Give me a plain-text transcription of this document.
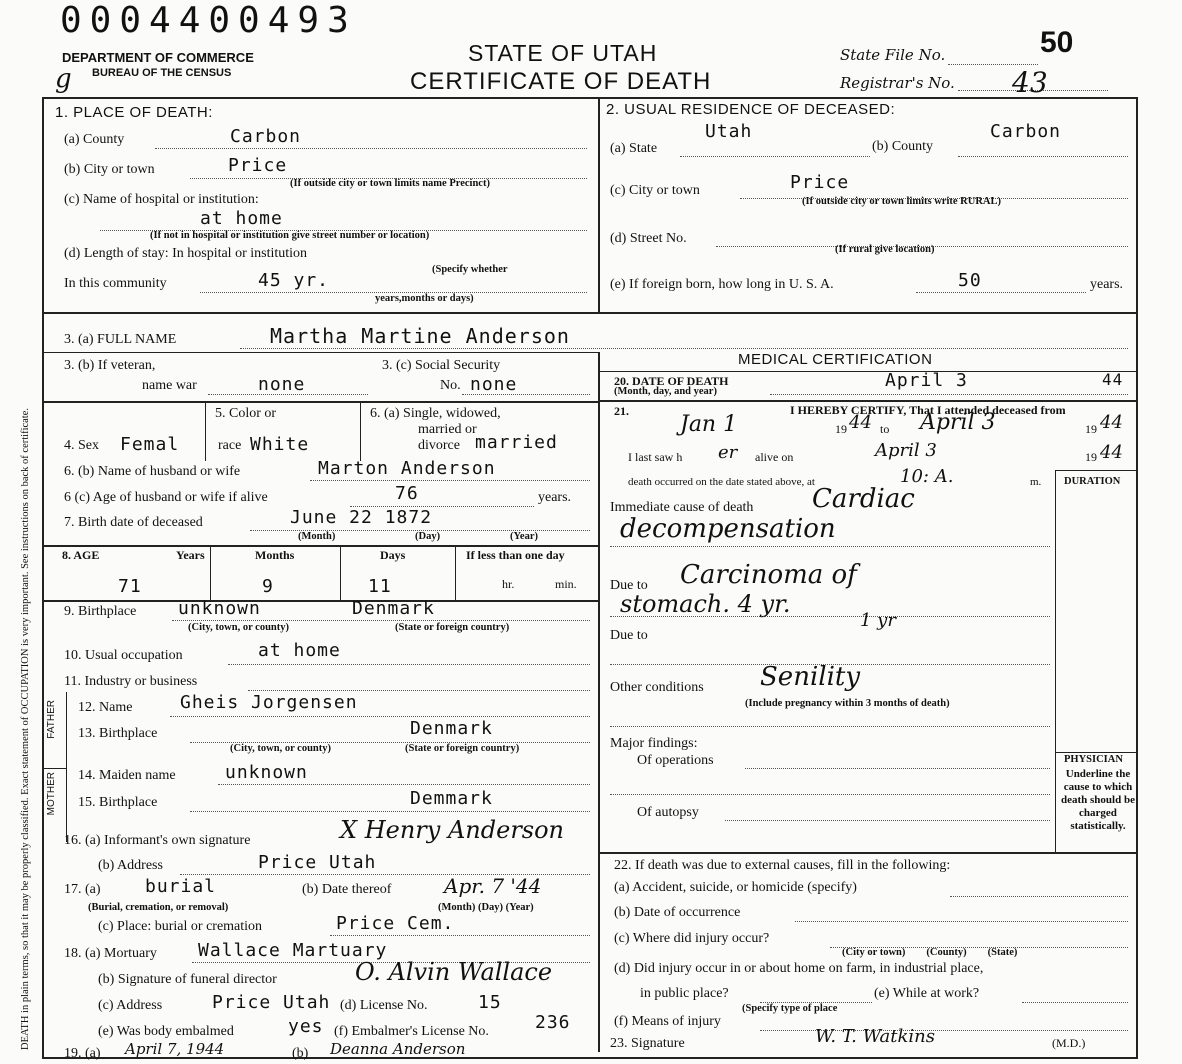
0004400493
DEPARTMENT OF COMMERCE
BUREAU OF THE CENSUS
g
STATE OF UTAH
CERTIFICATE OF DEATH
State File No.	50
Registrar's No. 43
DEATH in plain terms, so that it may be properly classified. Exact statement of OCCUPATION is very important. See instructions on back of certificate.
1. PLACE OF DEATH:
(a) County	Carbon
(b) City or town	Price
(If outside city or town limits name Precinct)
(c) Name of hospital or institution:
at home
(If not in hospital or institution give street number or location)
(d) Length of stay: In hospital or institution
(Specify whether
In this community	45 yr.
years,months or days)
2. USUAL RESIDENCE OF DECEASED:
(a) State
Utah
(b) County
Carbon
(c) City or town	Price
(If outside city or town limits write RURAL)
(d) Street No.
(If rural give location)
(e) If foreign born, how long in U. S. A.	50	years.
3. (a) FULL NAME	Martha Martine Anderson
3. (b) If veteran,
name war	none
3. (c) Social Security
No. none
MEDICAL CERTIFICATION
20. DATE OF DEATH
(Month, day, and year)
April 3	44
4. Sex Femal
5. Color or
race White
6. (a) Single, widowed,
married or
divorce married
6. (b) Name of husband or wife	Marton Anderson
6 (c) Age of husband or wife if alive	76	years.
7. Birth date of deceased	June 22 1872
(Month)	(Day)	(Year)
8. AGE	Years	Months	Days	If less than one day
71	9	11	hr.	min.
21.	I HEREBY CERTIFY, That I attended deceased from
Jan 1	19 44 to April 3	19 44
I last saw h er alive on	April 3	19 44
death occurred on the date stated above, at	10: A.	m. DURATION
Immediate cause of death Cardiac
decompensation
Due to Carcinoma of
stomach. 4 yr.
Due to
1 yr
Other conditions Senility
(Include pregnancy within 3 months of death)
Major findings:
Of operations
Of autopsy
PHYSICIAN
Underline the cause to which death should be charged statistically.
9. Birthplace unknown	Denmark
(City, town, or county)	(State or foreign country)
10. Usual occupation	at home
11. Industry or business
FATHER
MOTHER
12. Name	Gheis Jorgensen
13. Birthplace	Denmark
(City, town, or county)	(State or foreign country)
14. Maiden name	unknown
15. Birthplace	Demmark
16. (a) Informant's own signature	X Henry Anderson
(b) Address	Price Utah
17. (a) burial	(b) Date thereof	Apr. 7 '44
(Burial, cremation, or removal)	(Month) (Day) (Year)
(c) Place: burial or cremation	Price Cem.
18. (a) Mortuary Wallace Martuary
(b) Signature of funeral director	O. Alvin Wallace
(c) Address	Price Utah (d) License No.	15
(e) Was body embalmed	yes (f) Embalmer's License No.	236
19. (a) April 7, 1944	(b) Deanna Anderson
22. If death was due to external causes, fill in the following:
(a) Accident, suicide, or homicide (specify)
(b) Date of occurrence
(c) Where did injury occur?
(City or town)        (County)        (State)
(d) Did injury occur in or about home on farm, in industrial place,
in public place?	(e) While at work?
(Specify type of place
(f) Means of injury
23. Signature	W. T. Watkins	(M.D.)
